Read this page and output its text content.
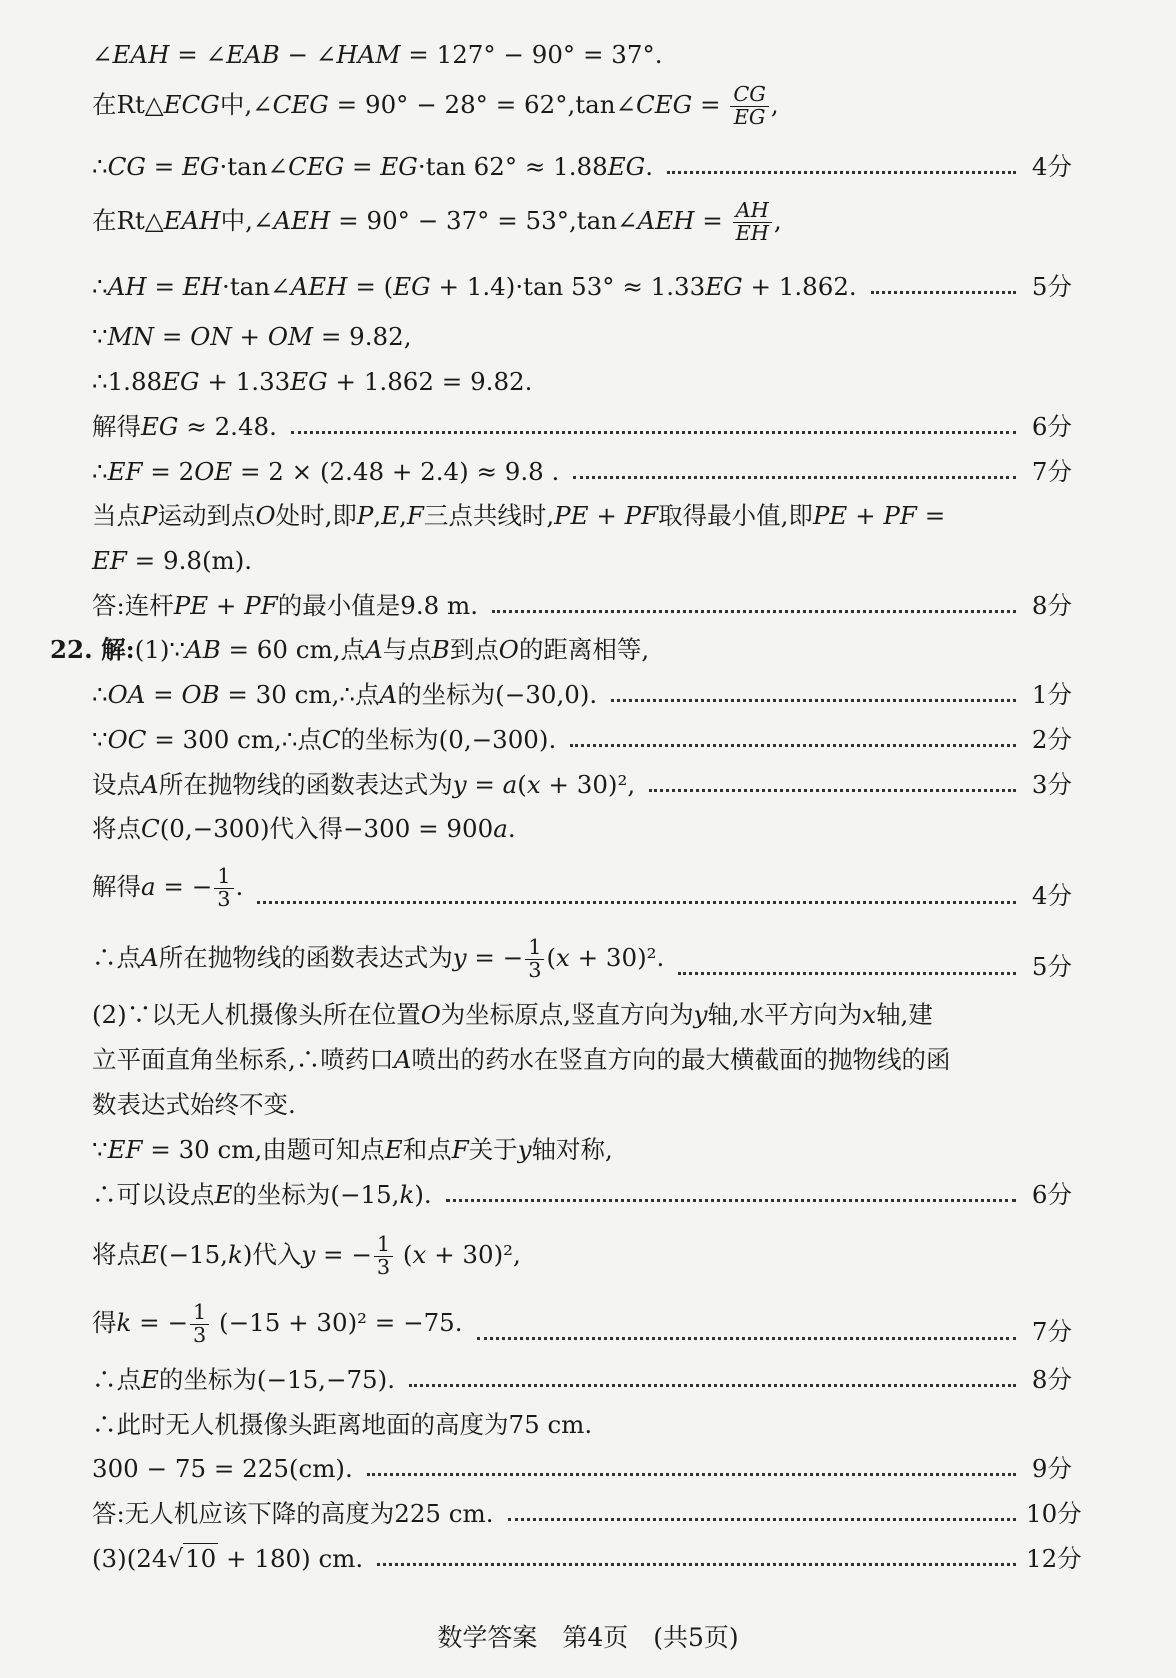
∠EAH = ∠EAB − ∠HAM = 127° − 90° = 37°.
在Rt△ECG中,∠CEG = 90° − 28° = 62°,tan∠CEG = $\frac{CG}{EG}$ ,
∴CG = EG·tan∠CEG = EG·tan 62° ≈ 1.88EG.	4分
在Rt△EAH中,∠AEH = 90° − 37° = 53°,tan∠AEH = $\frac{AH}{EH}$ ,
∴AH = EH·tan∠AEH = (EG + 1.4)·tan 53° ≈ 1.33EG + 1.862.	5分
∵MN = ON + OM = 9.82,
∴1.88EG + 1.33EG + 1.862 = 9.82.
解得EG ≈ 2.48.	6分
∴EF = 2OE = 2 × (2.48 + 2.4) ≈ 9.8 .	7分
当点P运动到点O处时,即P,E,F三点共线时,PE + PF取得最小值,即PE + PF =
EF = 9.8(m).
答:连杆PE + PF的最小值是9.8 m.	8分
22. 解:(1)∵AB = 60 cm,点A与点B到点O的距离相等,
∴OA = OB = 30 cm,∴点A的坐标为(−30,0).	1分
∵OC = 300 cm,∴点C的坐标为(0,−300).	2分
设点A所在抛物线的函数表达式为y = a(x + 30)²,	3分
将点C(0,−300)代入得−300 = 900a.
解得a = − $\frac{1}{3}$ .	4分
∴点A所在抛物线的函数表达式为y = − $\frac{1}{3} (x + 30)^2$.	5分
(2)∵以无人机摄像头所在位置O为坐标原点,竖直方向为y轴,水平方向为x轴,建
立平面直角坐标系,∴喷药口A喷出的药水在竖直方向的最大横截面的抛物线的函
数表达式始终不变.
∵EF = 30 cm,由题可知点E和点F关于y轴对称,
∴可以设点E的坐标为(−15,k).	6分
将点E(−15,k)代入y = − $\frac{1}{3} (x + 30)^2$,
得k = − $\frac{1}{3} (-15 + 30)^2 = -75$.	7分
∴点E的坐标为(−15,−75).	8分
∴此时无人机摄像头距离地面的高度为75 cm.
300 − 75 = 225(cm).	9分
答:无人机应该下降的高度为225 cm.	10分
(3)(24√10 + 180) cm.	12分
数学答案　第4页　(共5页)
